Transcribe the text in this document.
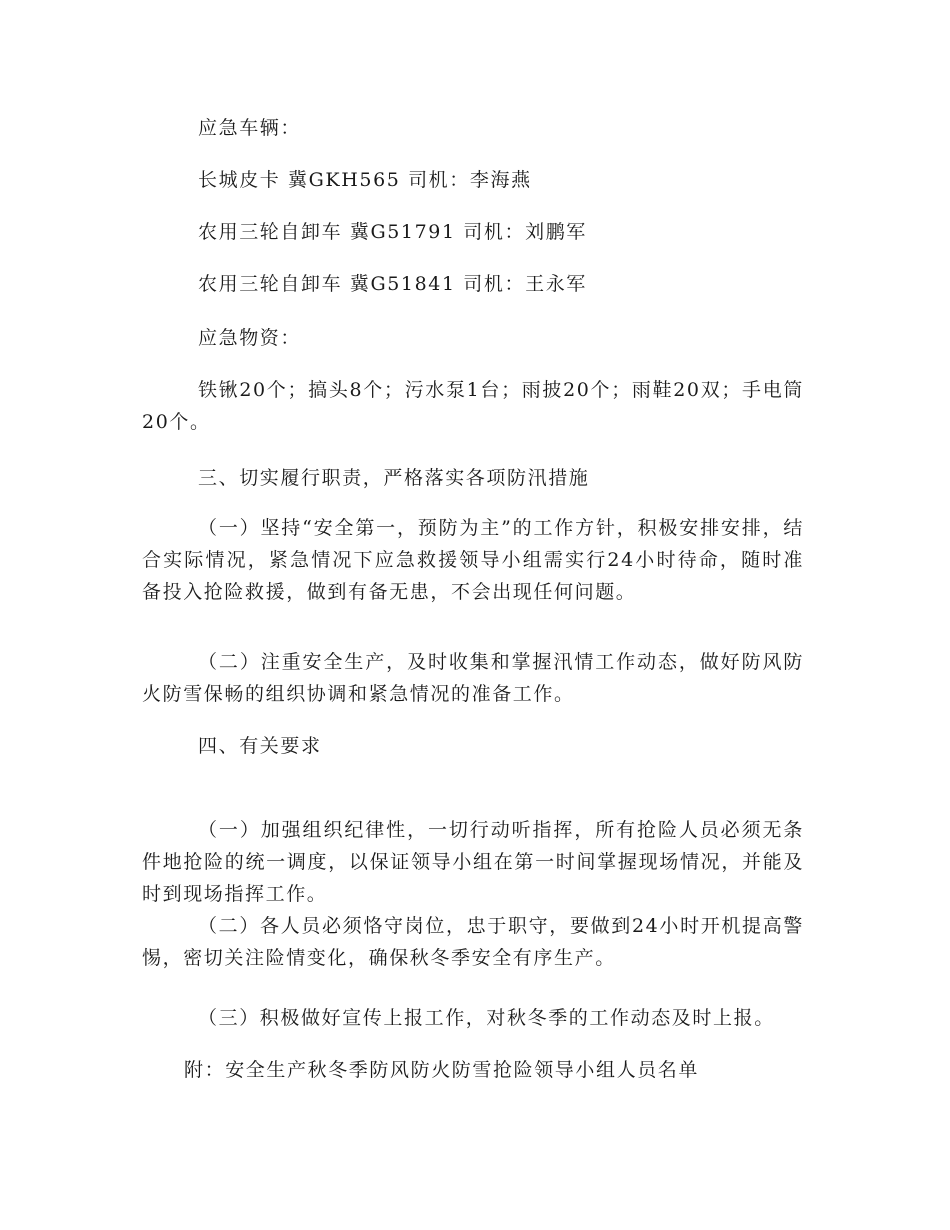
应急车辆：
长城皮卡 冀GKH565 司机：李海燕
农用三轮自卸车 冀G51791 司机：刘鹏军
农用三轮自卸车 冀G51841 司机：王永军
应急物资：
铁锹20个；搞头8个；污水泵1台；雨披20个；雨鞋20双；手电筒20个。
三、切实履行职责，严格落实各项防汛措施
（一）坚持“安全第一，预防为主”的工作方针，积极安排安排，结合实际情况，紧急情况下应急救援领导小组需实行24小时待命，随时准备投入抢险救援，做到有备无患，不会出现任何问题。
（二）注重安全生产，及时收集和掌握汛情工作动态，做好防风防火防雪保畅的组织协调和紧急情况的准备工作。
四、有关要求
（一）加强组织纪律性，一切行动听指挥，所有抢险人员必须无条件地抢险的统一调度，以保证领导小组在第一时间掌握现场情况，并能及时到现场指挥工作。
（二）各人员必须恪守岗位，忠于职守，要做到24小时开机提高警惕，密切关注险情变化，确保秋冬季安全有序生产。
（三）积极做好宣传上报工作，对秋冬季的工作动态及时上报。
附：安全生产秋冬季防风防火防雪抢险领导小组人员名单
